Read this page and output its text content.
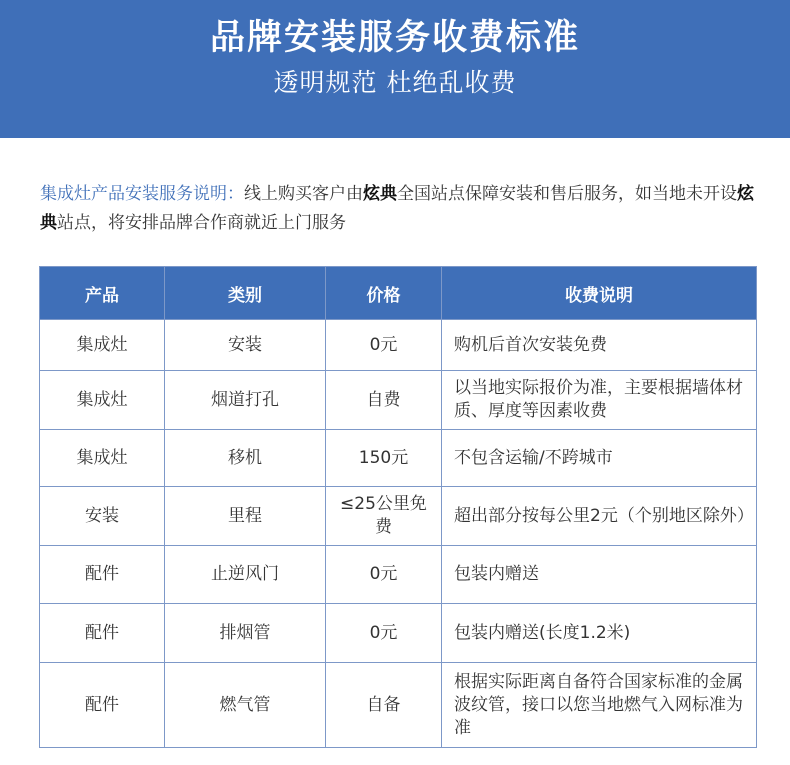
品牌安装服务收费标准
透明规范 杜绝乱收费
集成灶产品安装服务说明：线上购买客户由炫典全国站点保障安装和售后服务，如当地未开设炫典站点，将安排品牌合作商就近上门服务
产品	类别	价格	收费说明
集成灶	安装	0元	购机后首次安装免费
集成灶	烟道打孔	自费	以当地实际报价为准，主要根据墙体材质、厚度等因素收费
集成灶	移机	150元	不包含运输/不跨城市
安装	里程	≤25公里免费	超出部分按每公里2元（个别地区除外）
配件	止逆风门	0元	包装内赠送
配件	排烟管	0元	包装内赠送(长度1.2米)
配件	燃气管	自备	根据实际距离自备符合国家标准的金属波纹管，接口以您当地燃气入网标准为准
